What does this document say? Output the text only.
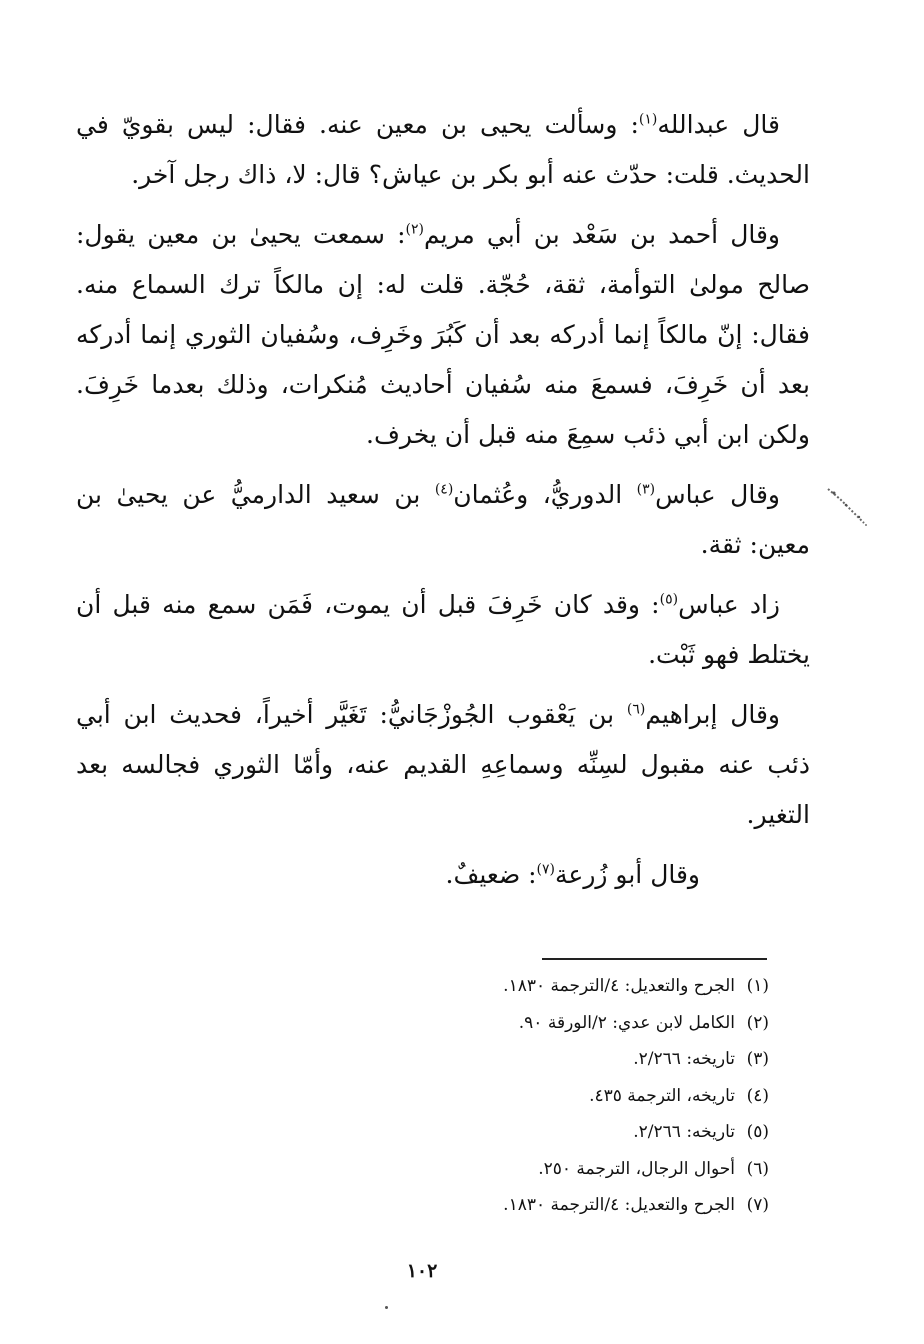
قال عبدالله$^{(١)}$: وسألت يحيى بن معين عنه. فقال: ليس بقويّ في الحديث. قلت: حدّث عنه أبو بكر بن عياش؟ قال: لا، ذاك رجل آخر.

وقال أحمد بن سَعْد بن أبي مريم$^{(٢)}$: سمعت يحيىٰ بن معين يقول: صالح مولىٰ التوأمة، ثقة، حُجّة. قلت له: إن مالكاً ترك السماع منه. فقال: إنّ مالكاً إنما أدركه بعد أن كَبُرَ وخَرِف، وسُفيان الثوري إنما أدركه بعد أن خَرِفَ، فسمعَ منه سُفيان أحاديث مُنكرات، وذلك بعدما خَرِفَ. ولكن ابن أبي ذئب سمِعَ منه قبل أن يخرف.

وقال عباس$^{(٣)}$ الدوريُّ، وعُثمان$^{(٤)}$ بن سعيد الدارميُّ عن يحيىٰ بن معين: ثقة.

زاد عباس$^{(٥)}$: وقد كان خَرِفَ قبل أن يموت، فَمَن سمع منه قبل أن يختلط فهو ثَبْت.

وقال إبراهيم$^{(٦)}$ بن يَعْقوب الجُوزْجَانيُّ: تَغَيَّر أخيراً، فحديث ابن أبي ذئب عنه مقبول لسِنِّه وسماعِهِ القديم عنه، وأمّا الثوري فجالسه بعد التغير.

وقال أبو زُرعة$^{(٧)}$: ضعيفٌ.

(١)
الجرح والتعديل: ٤/الترجمة ١٨٣٠.
(٢)
الكامل لابن عدي: ٢/الورقة ٩٠.
(٣)
تاريخه: ٢/٢٦٦.
(٤)
تاريخه، الترجمة ٤٣٥.
(٥)
تاريخه: ٢/٢٦٦.
(٦)
أحوال الرجال، الترجمة ٢٥٠.
(٧)
الجرح والتعديل: ٤/الترجمة ١٨٣٠.
١٠٢
